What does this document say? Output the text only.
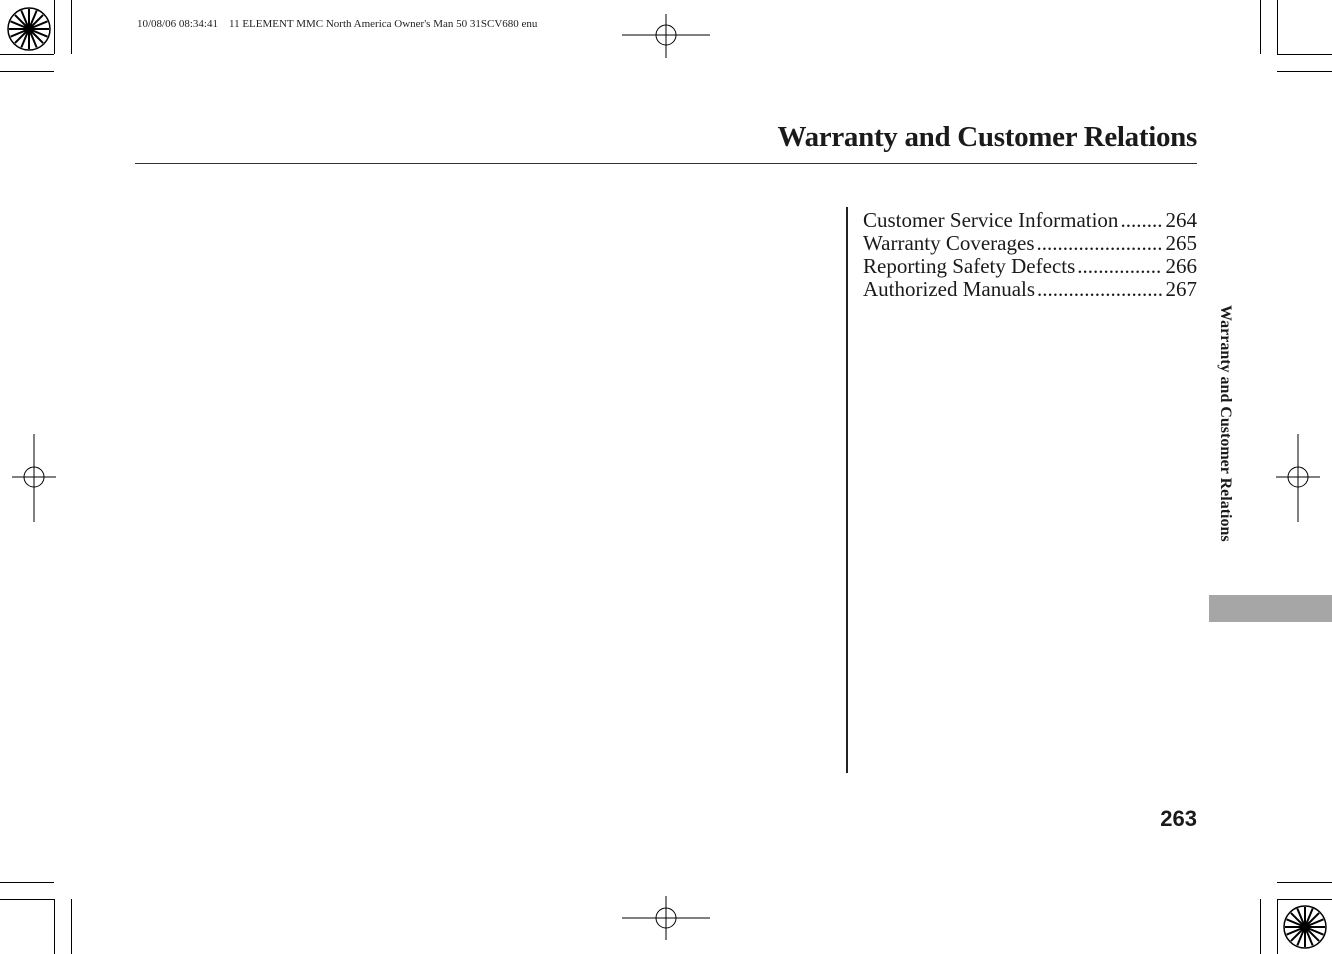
10/08/06 08:34:41    11 ELEMENT MMC North America Owner's Man 50 31SCV680 enu
Warranty and Customer Relations
Customer Service Information ..... 264
Warranty Coverages .....	265
Reporting Safety Defects .....	266
Authorized Manuals .....	267
Warranty and Customer Relations
263
